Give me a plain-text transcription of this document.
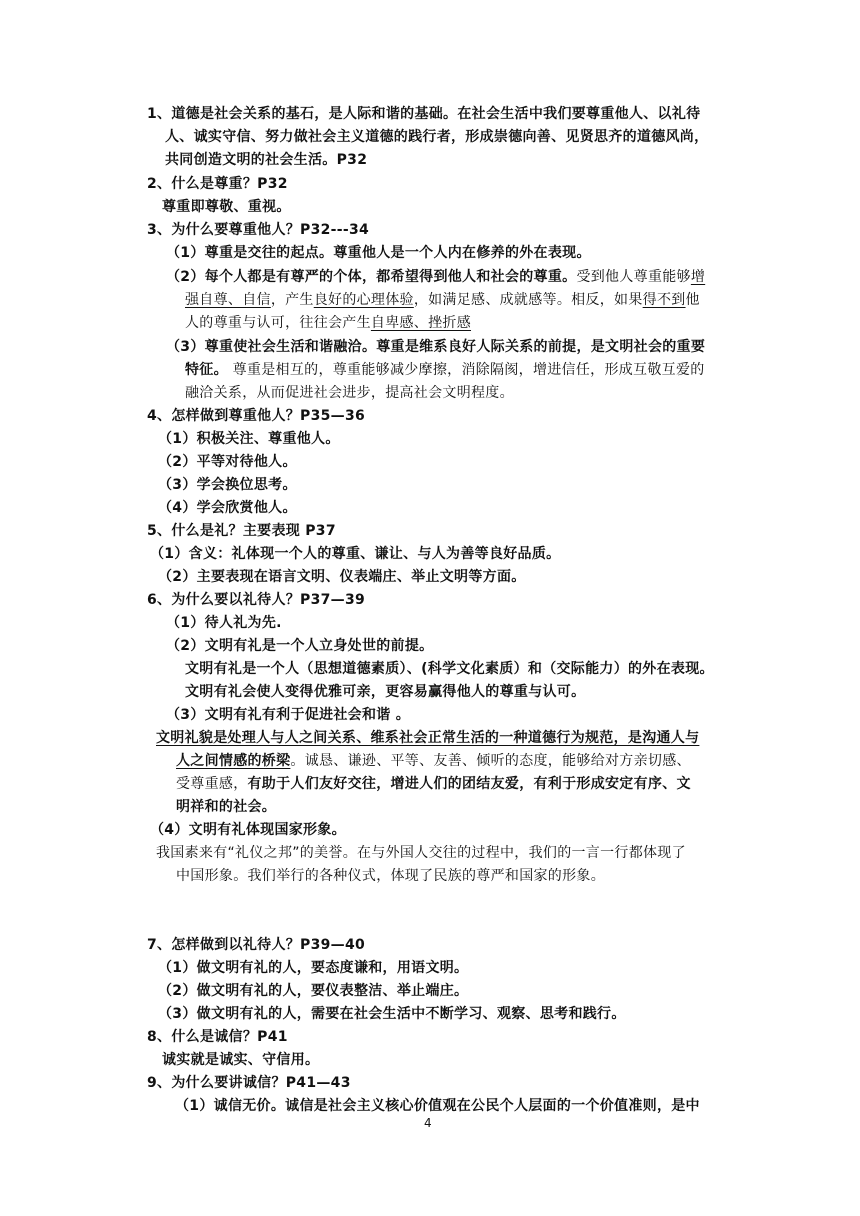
1、道德是社会关系的基石，是人际和谐的基础。在社会生活中我们要尊重他人、以礼待
人、诚实守信、努力做社会主义道德的践行者，形成崇德向善、见贤思齐的道德风尚，
共同创造文明的社会生活。P32
2、什么是尊重？P32
尊重即尊敬、重视。
3、为什么要尊重他人？P32---34
（1）尊重是交往的起点。尊重他人是一个人内在修养的外在表现。
（2）每个人都是有尊严的个体，都希望得到他人和社会的尊重。受到他人尊重能够增
强自尊、自信，产生良好的心理体验，如满足感、成就感等。相反，如果得不到他
人的尊重与认可，往往会产生自卑感、挫折感
（3）尊重使社会生活和谐融洽。尊重是维系良好人际关系的前提，是文明社会的重要
特征。 尊重是相互的，尊重能够减少摩擦，消除隔阂，增进信任，形成互敬互爱的
融洽关系，从而促进社会进步，提高社会文明程度。
4、怎样做到尊重他人？P35—36
（1）积极关注、尊重他人。
（2）平等对待他人。
（3）学会换位思考。
（4）学会欣赏他人。
5、什么是礼？主要表现 P37
（1）含义：礼体现一个人的尊重、谦让、与人为善等良好品质。
（2）主要表现在语言文明、仪表端庄、举止文明等方面。
6、为什么要以礼待人？P37—39
（1）待人礼为先.
（2）文明有礼是一个人立身处世的前提。
文明有礼是一个人（思想道德素质）、(科学文化素质）和（交际能力）的外在表现。
文明有礼会使人变得优雅可亲，更容易赢得他人的尊重与认可。
（3）文明有礼有利于促进社会和谐 。
文明礼貌是处理人与人之间关系、维系社会正常生活的一种道德行为规范，是沟通人与
人之间情感的桥梁。诚恳、谦逊、平等、友善、倾听的态度，能够给对方亲切感、
受尊重感，有助于人们友好交往，增进人们的团结友爱，有利于形成安定有序、文
明祥和的社会。
（4）文明有礼体现国家形象。
我国素来有“礼仪之邦”的美誉。在与外国人交往的过程中，我们的一言一行都体现了
中国形象。我们举行的各种仪式，体现了民族的尊严和国家的形象。
7、怎样做到以礼待人？P39—40
（1）做文明有礼的人，要态度谦和，用语文明。
（2）做文明有礼的人，要仪表整洁、举止端庄。
（3）做文明有礼的人，需要在社会生活中不断学习、观察、思考和践行。
8、什么是诚信？P41
诚实就是诚实、守信用。
9、为什么要讲诚信？P41—43
（1）诚信无价。诚信是社会主义核心价值观在公民个人层面的一个价值准则，是中
4
